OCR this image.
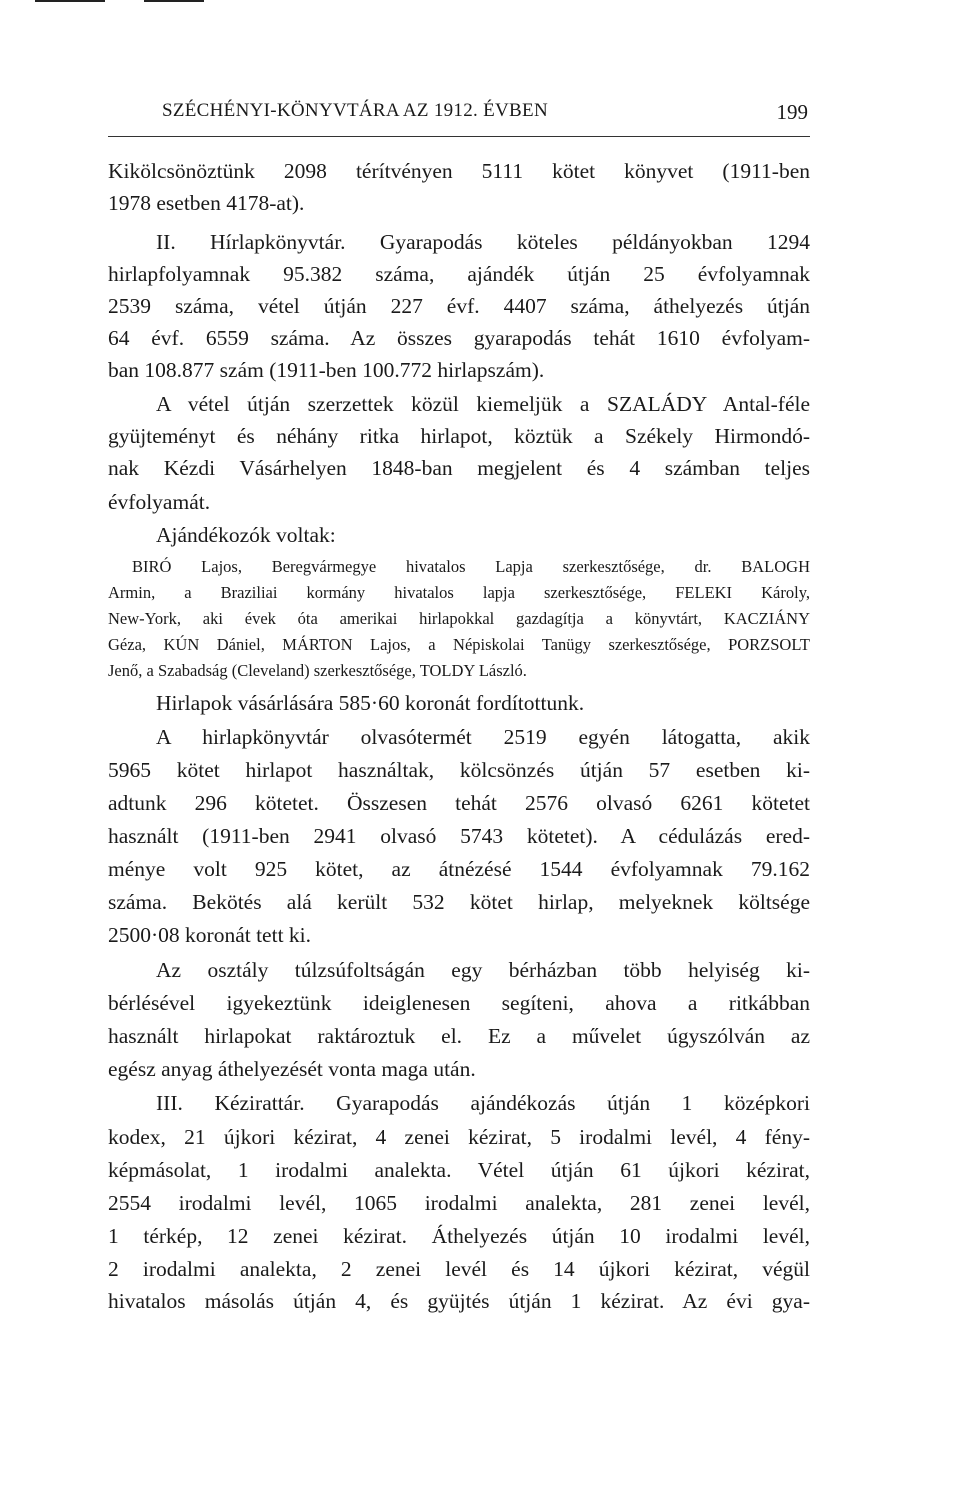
SZÉCHÉNYI-KÖNYVTÁRA AZ 1912. ÉVBEN	199
Kikölcsönöztünk 2098 térítvényen 5111 kötet könyvet (1911-ben
1978 esetben 4178-at).
II. Hírlapkönyvtár. Gyarapodás köteles példányokban 1294
hirlapfolyamnak 95.382 száma, ajándék útján 25 évfolyamnak
2539 száma, vétel útján 227 évf. 4407 száma, áthelyezés útján
64 évf. 6559 száma. Az összes gyarapodás tehát 1610 évfolyam-
ban 108.877 szám (1911-ben 100.772 hirlapszám).
A vétel útján szerzettek közül kiemeljük a SZALÁDY Antal-féle
gyüjteményt és néhány ritka hirlapot, köztük a Székely Hirmondó-
nak Kézdi Vásárhelyen 1848-ban megjelent és 4 számban teljes
évfolyamát.
Ajándékozók voltak:
BIRÓ Lajos, Beregvármegye hivatalos Lapja szerkesztősége, dr. BALOGH
Armin, a Braziliai kormány hivatalos lapja szerkesztősége, FELEKI Károly,
New-York, aki évek óta amerikai hirlapokkal gazdagítja a könyvtárt, KACZIÁNY
Géza, KÚN Dániel, MÁRTON Lajos, a Népiskolai Tanügy szerkesztősége, PORZSOLT
Jenő, a Szabadság (Cleveland) szerkesztősége, TOLDY László.
Hirlapok vásárlására 585·60 koronát fordítottunk.
A hirlapkönyvtár olvasótermét 2519 egyén látogatta, akik
5965 kötet hirlapot használtak, kölcsönzés útján 57 esetben ki-
adtunk 296 kötetet. Összesen tehát 2576 olvasó 6261 kötetet
használt (1911-ben 2941 olvasó 5743 kötetet). A cédulázás ered-
ménye volt 925 kötet, az átnézésé 1544 évfolyamnak 79.162
száma. Bekötés alá került 532 kötet hirlap, melyeknek költsége
2500·08 koronát tett ki.
Az osztály túlzsúfoltságán egy bérházban több helyiség ki-
bérlésével igyekeztünk ideiglenesen segíteni, ahova a ritkábban
használt hirlapokat raktároztuk el. Ez a művelet úgyszólván az
egész anyag áthelyezését vonta maga után.
III. Kézirattár. Gyarapodás ajándékozás útján 1 középkori
kodex, 21 újkori kézirat, 4 zenei kézirat, 5 irodalmi levél, 4 fény-
képmásolat, 1 irodalmi analekta. Vétel útján 61 újkori kézirat,
2554 irodalmi levél, 1065 irodalmi analekta, 281 zenei levél,
1 térkép, 12 zenei kézirat. Áthelyezés útján 10 irodalmi levél,
2 irodalmi analekta, 2 zenei levél és 14 újkori kézirat, végül
hivatalos másolás útján 4, és gyüjtés útján 1 kézirat. Az évi gya-
